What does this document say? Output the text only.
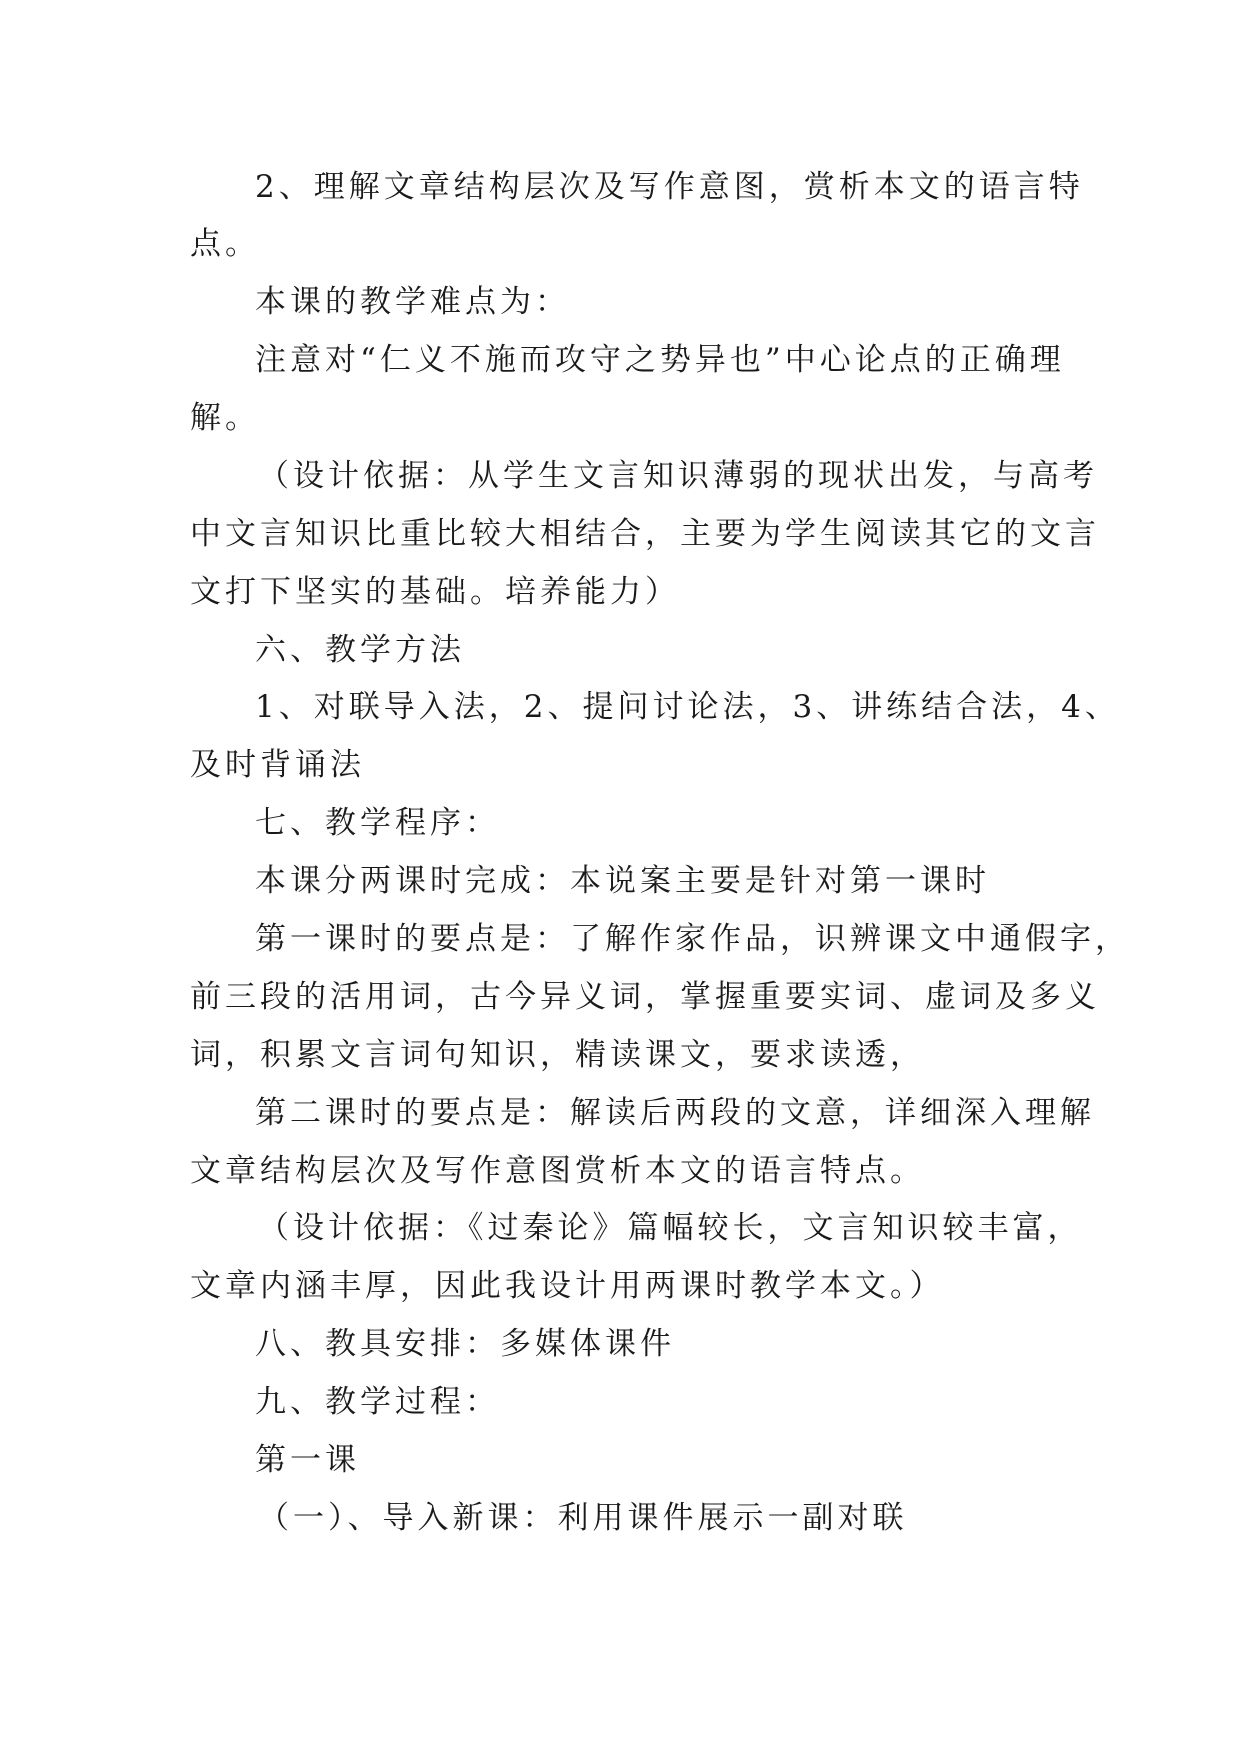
2、理解文章结构层次及写作意图，赏析本文的语言特
点。
本课的教学难点为：
注意对“仁义不施而攻守之势异也”中心论点的正确理
解。
（设计依据：从学生文言知识薄弱的现状出发，与高考
中文言知识比重比较大相结合，主要为学生阅读其它的文言
文打下坚实的基础。培养能力）
六、教学方法
1、对联导入法，2、提问讨论法，3、讲练结合法，4、
及时背诵法
七、教学程序：
本课分两课时完成：本说案主要是针对第一课时
第一课时的要点是：了解作家作品，识辨课文中通假字，
前三段的活用词，古今异义词，掌握重要实词、虚词及多义
词，积累文言词句知识，精读课文，要求读透，
第二课时的要点是：解读后两段的文意，详细深入理解
文章结构层次及写作意图赏析本文的语言特点。
（设计依据：《过秦论》篇幅较长，文言知识较丰富，
文章内涵丰厚，因此我设计用两课时教学本文。）
八、教具安排：多媒体课件
九、教学过程：
第一课
（一）、导入新课：利用课件展示一副对联
